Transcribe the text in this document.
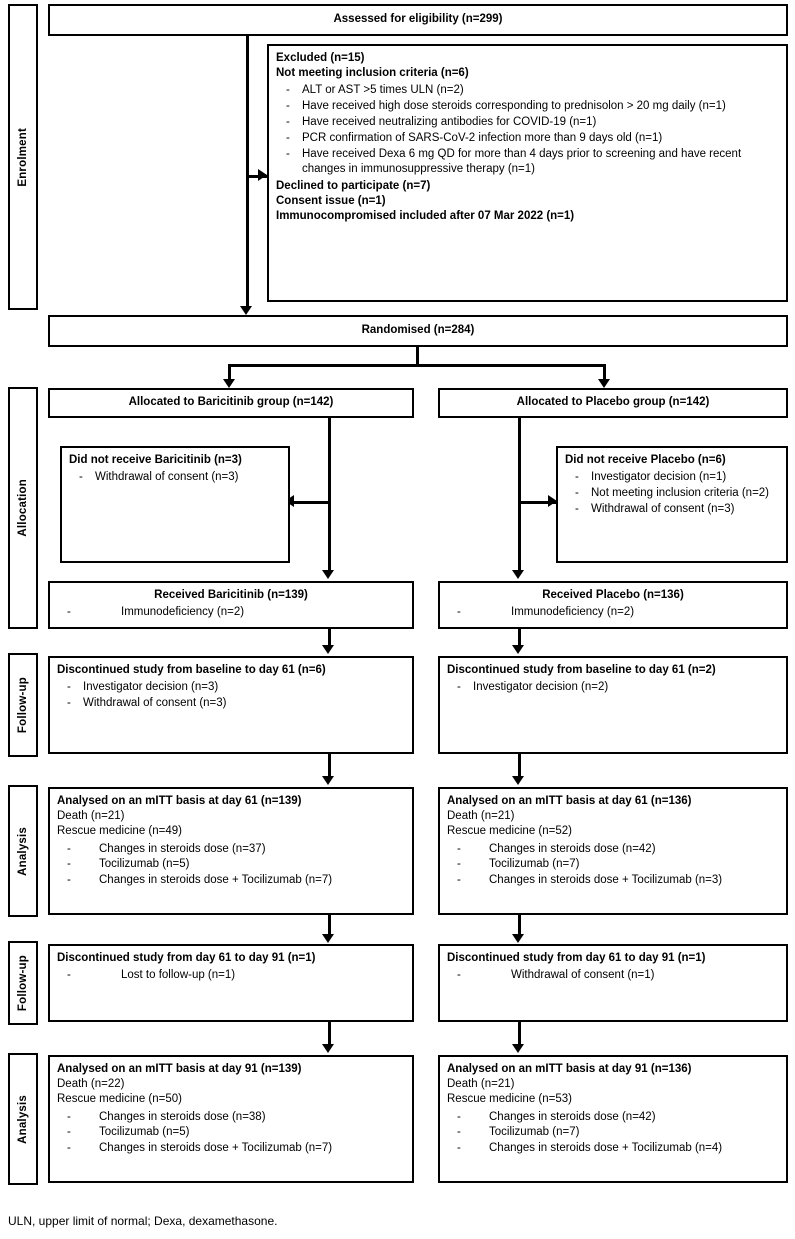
Enrolment
Allocation
Follow-up
Analysis
Follow-up
Analysis
Assessed for eligibility (n=299)
Excluded (n=15)
Not meeting inclusion criteria (n=6)
- ALT or AST >5 times ULN (n=2)
- Have received high dose steroids corresponding to prednisolon > 20 mg daily (n=1)
- Have received neutralizing antibodies for COVID-19 (n=1)
- PCR confirmation of SARS-CoV-2 infection more than 9 days old (n=1)
- Have received Dexa 6 mg QD for more than 4 days prior to screening and have recent changes in immunosuppressive therapy (n=1)
Declined to participate (n=7)
Consent issue (n=1)
Immunocompromised included after 07 Mar 2022 (n=1)
Randomised (n=284)
Allocated to Baricitinib group (n=142)	Allocated to Placebo group (n=142)
Did not receive Baricitinib (n=3)
- Withdrawal of consent (n=3)
Did not receive Placebo (n=6)
- Investigator decision (n=1)
- Not meeting inclusion criteria (n=2)
- Withdrawal of consent (n=3)
Received Baricitinib (n=139)
- Immunodeficiency (n=2)
Received Placebo (n=136)
- Immunodeficiency (n=2)
Discontinued study from baseline to day 61 (n=6)
- Investigator decision (n=3)
- Withdrawal of consent (n=3)
Discontinued study from baseline to day 61 (n=2)
- Investigator decision (n=2)
Analysed on an mITT basis at day 61 (n=139)
Death (n=21)
Rescue medicine (n=49)
- Changes in steroids dose (n=37)
- Tocilizumab (n=5)
- Changes in steroids dose + Tocilizumab (n=7)
Analysed on an mITT basis at day 61 (n=136)
Death (n=21)
Rescue medicine (n=52)
- Changes in steroids dose (n=42)
- Tocilizumab (n=7)
- Changes in steroids dose + Tocilizumab (n=3)
Discontinued study from day 61 to day 91 (n=1)
- Lost to follow-up (n=1)
Discontinued study from day 61 to day 91 (n=1)
- Withdrawal of consent (n=1)
Analysed on an mITT basis at day 91 (n=139)
Death (n=22)
Rescue medicine (n=50)
- Changes in steroids dose (n=38)
- Tocilizumab (n=5)
- Changes in steroids dose + Tocilizumab (n=7)
Analysed on an mITT basis at day 91 (n=136)
Death (n=21)
Rescue medicine (n=53)
- Changes in steroids dose (n=42)
- Tocilizumab (n=7)
- Changes in steroids dose + Tocilizumab (n=4)
ULN, upper limit of normal; Dexa, dexamethasone.
